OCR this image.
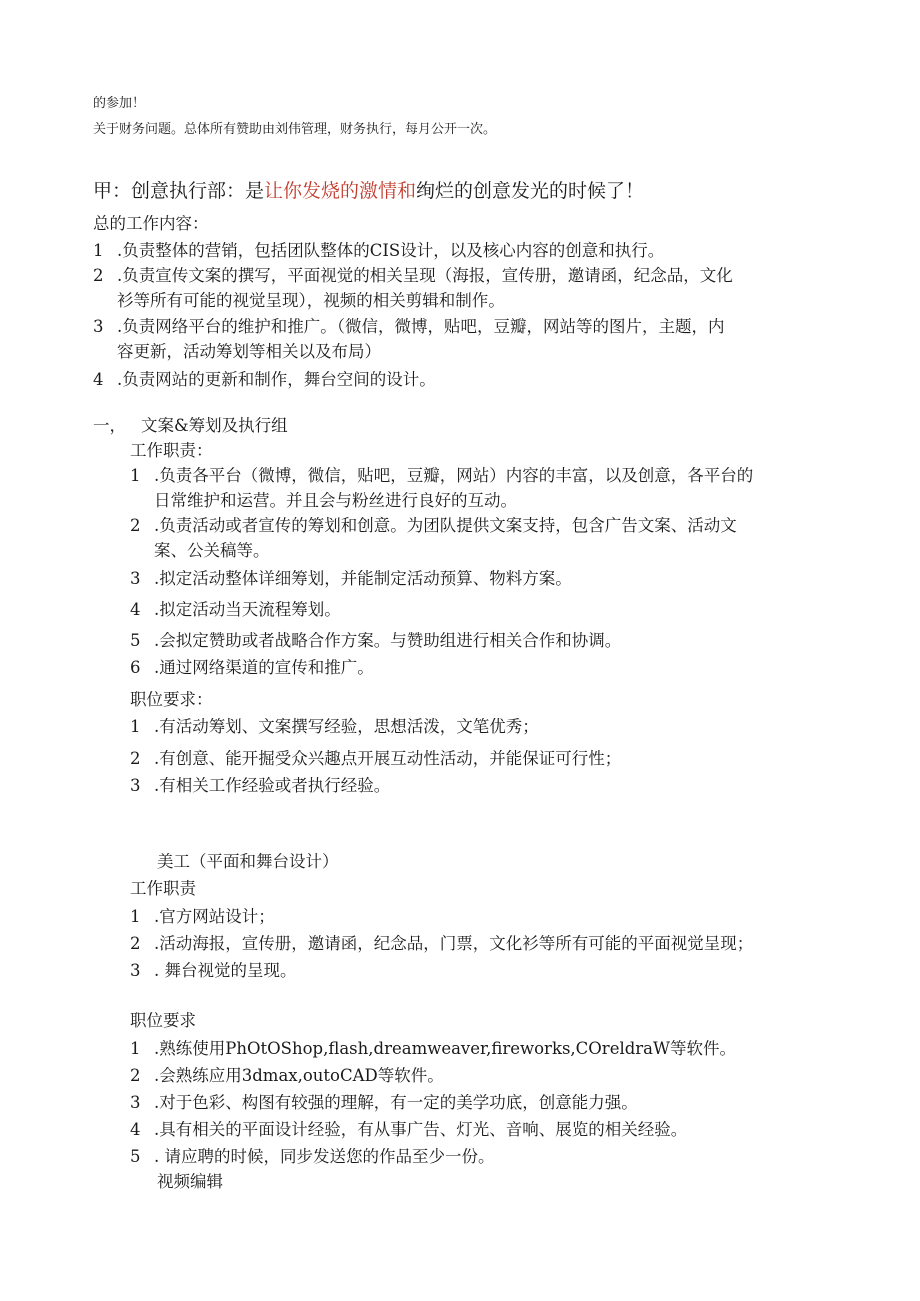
的参加！
关于财务问题。总体所有赞助由刘伟管理，财务执行，每月公开一次。
甲：创意执行部：是让你发烧的激情和绚烂的创意发光的时候了！
总的工作内容：
1 .负责整体的营销，包括团队整体的CIS设计，以及核心内容的创意和执行。
2 .负责宣传文案的撰写，平面视觉的相关呈现（海报，宣传册，邀请函，纪念品，文化
衫等所有可能的视觉呈现），视频的相关剪辑和制作。
3 .负责网络平台的维护和推广。（微信，微博，贴吧，豆瓣，网站等的图片，主题，内
容更新，活动筹划等相关以及布局）
4 .负责网站的更新和制作，舞台空间的设计。
一， 文案&筹划及执行组
工作职责：
1 .负责各平台（微博，微信，贴吧，豆瓣，网站）内容的丰富，以及创意，各平台的
日常维护和运营。并且会与粉丝进行良好的互动。
2 .负责活动或者宣传的筹划和创意。为团队提供文案支持，包含广告文案、活动文
案、公关稿等。
3 .拟定活动整体详细筹划，并能制定活动预算、物料方案。
4 .拟定活动当天流程筹划。
5 .会拟定赞助或者战略合作方案。与赞助组进行相关合作和协调。
6 .通过网络渠道的宣传和推广。
职位要求：
1 .有活动筹划、文案撰写经验，思想活泼，文笔优秀；
2 .有创意、能开掘受众兴趣点开展互动性活动，并能保证可行性；
3 .有相关工作经验或者执行经验。
美工（平面和舞台设计）
工作职责
1 .官方网站设计；
2 .活动海报，宣传册，邀请函，纪念品，门票，文化衫等所有可能的平面视觉呈现；
3 . 舞台视觉的呈现。
职位要求
1 .熟练使用PhOtOShop,flash,dreamweaver,fireworks,COreldraW等软件。
2 .会熟练应用3dmax,outoCAD等软件。
3 .对于色彩、构图有较强的理解，有一定的美学功底，创意能力强。
4 .具有相关的平面设计经验，有从事广告、灯光、音响、展览的相关经验。
5 . 请应聘的时候，同步发送您的作品至少一份。
视频编辑
